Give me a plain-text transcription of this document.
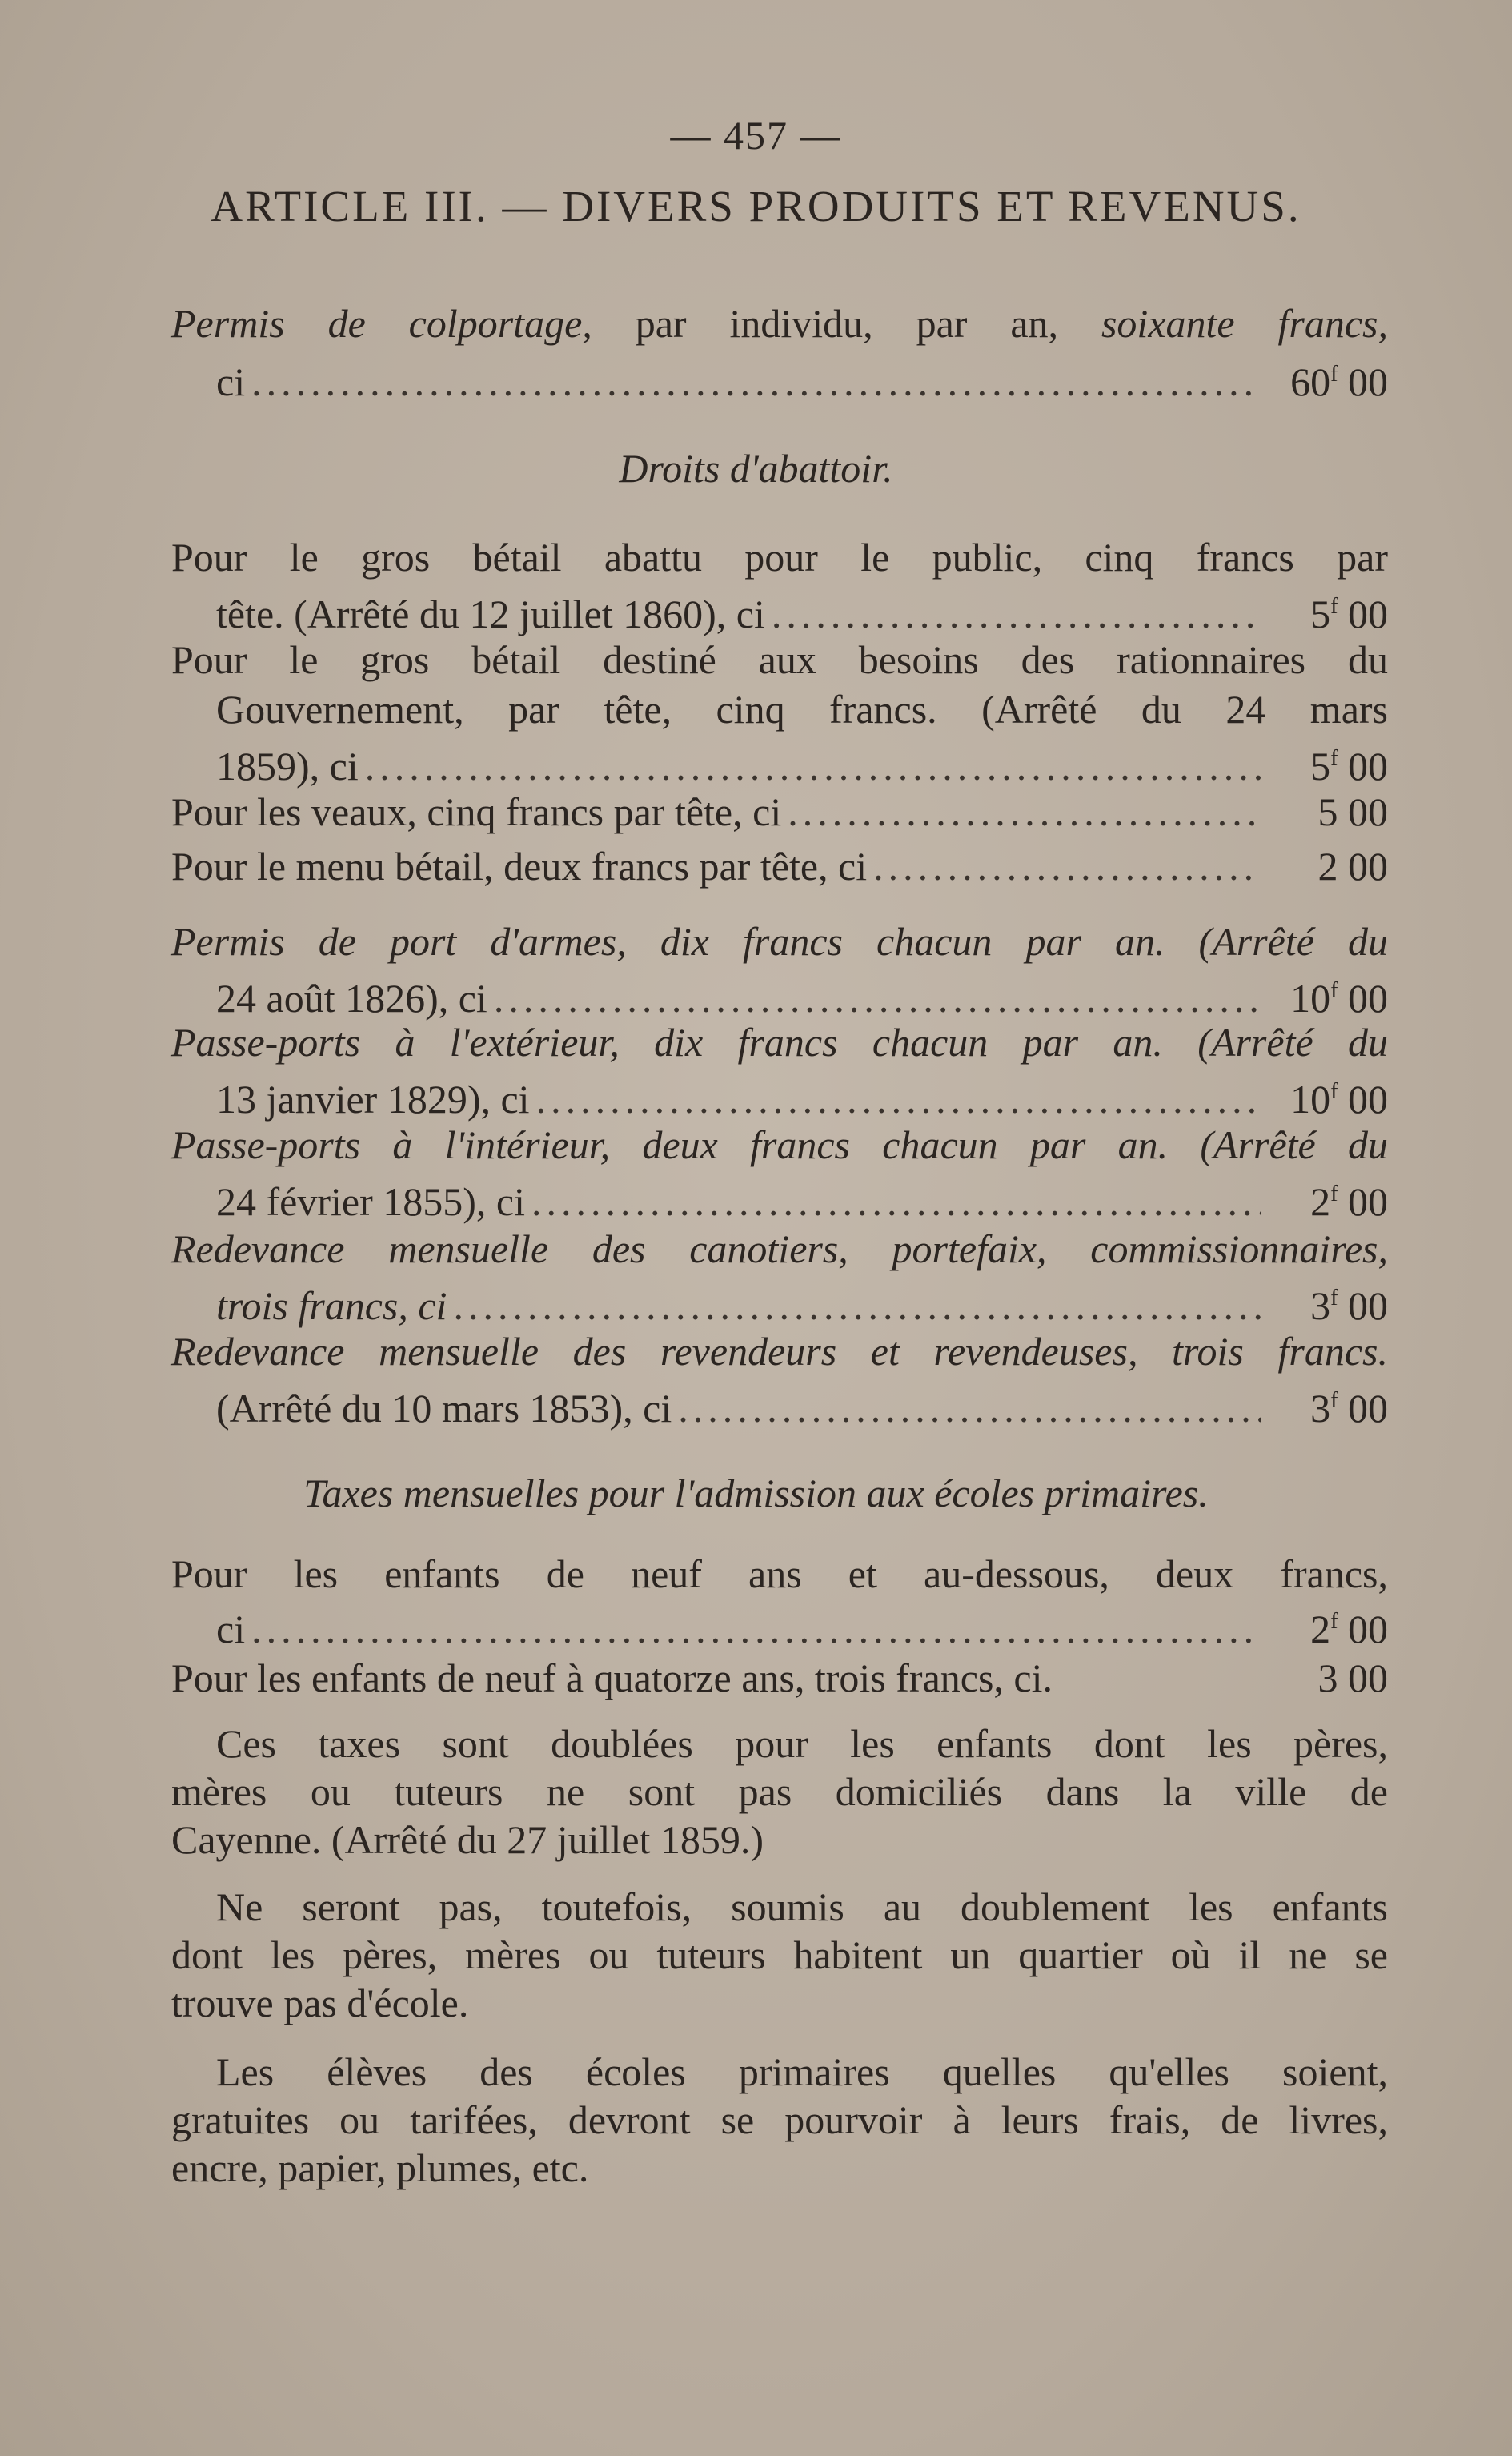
— 457 —
ARTICLE III. — DIVERS PRODUITS ET REVENUS.
Permis de colportage, par individu, par an, soixante francs,
ci .....	60$^f$ 00
Droits d'abattoir.
Pour le gros bétail abattu pour le public, cinq francs par
tête. (Arrêté du 12 juillet 1860), ci .....	5$^f$ 00
Pour le gros bétail destiné aux besoins des rationnaires du
Gouvernement, par tête, cinq francs. (Arrêté du 24 mars
1859), ci .....	5$^f$ 00
Pour les veaux, cinq francs par tête, ci .....	5 00
Pour le menu bétail, deux francs par tête, ci .....	2 00
Permis de port d'armes, dix francs chacun par an. (Arrêté du
24 août 1826), ci .....	10$^f$ 00
Passe-ports à l'extérieur, dix francs chacun par an. (Arrêté du
13 janvier 1829), ci .....	10$^f$ 00
Passe-ports à l'intérieur, deux francs chacun par an. (Arrêté du
24 février 1855), ci .....	2$^f$ 00
Redevance mensuelle des canotiers, portefaix, commissionnaires,
trois francs, ci .....	3$^f$ 00
Redevance mensuelle des revendeurs et revendeuses, trois francs.
(Arrêté du 10 mars 1853), ci .....	3$^f$ 00
Taxes mensuelles pour l'admission aux écoles primaires.
Pour les enfants de neuf ans et au-dessous, deux francs,
ci .....	2$^f$ 00
Pour les enfants de neuf à quatorze ans, trois francs, ci.	3 00
Ces taxes sont doublées pour les enfants dont les pères,
mères ou tuteurs ne sont pas domiciliés dans la ville de
Cayenne. (Arrêté du 27 juillet 1859.)
Ne seront pas, toutefois, soumis au doublement les enfants
dont les pères, mères ou tuteurs habitent un quartier où il ne se
trouve pas d'école.
Les élèves des écoles primaires quelles qu'elles soient,
gratuites ou tarifées, devront se pourvoir à leurs frais, de livres,
encre, papier, plumes, etc.
